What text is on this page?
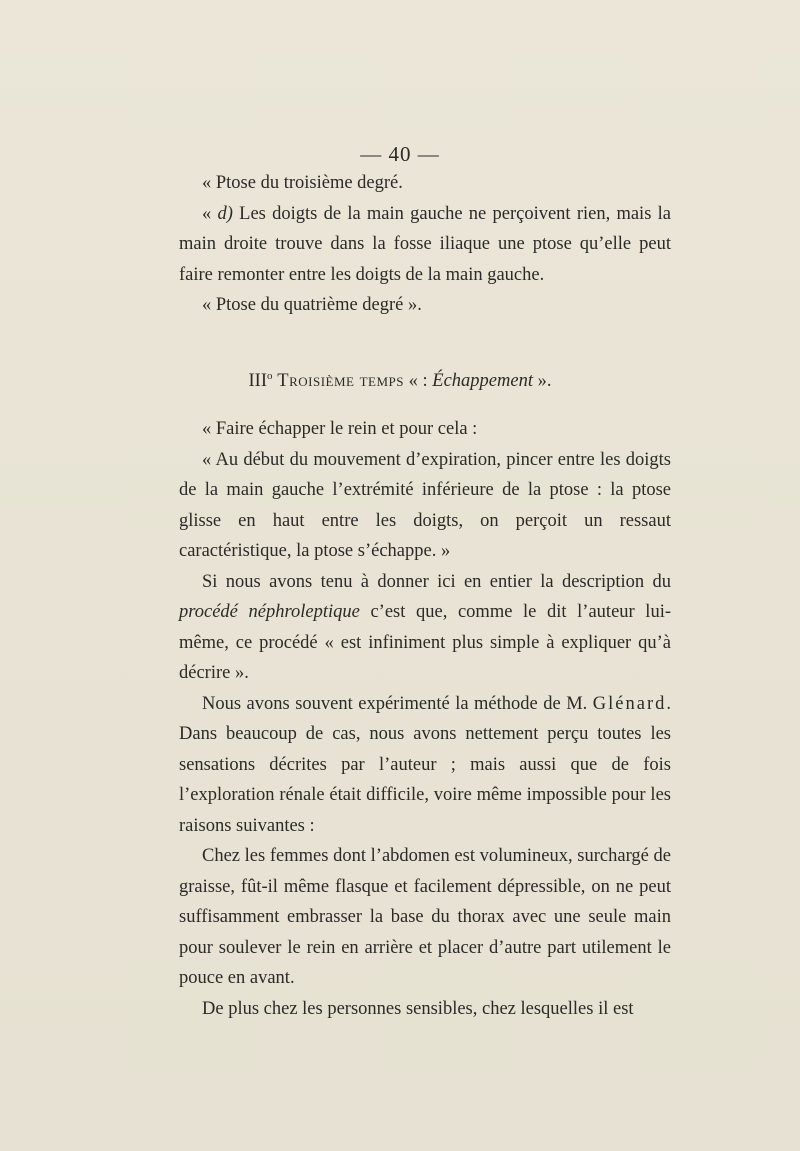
— 40 —

« Ptose du troisième degré.

« d) Les doigts de la main gauche ne perçoivent rien, mais la main droite trouve dans la fosse iliaque une ptose qu’elle peut faire remonter entre les doigts de la main gauche.

« Ptose du quatrième degré ».

III$^o$ Troisième temps « : Échappement ».

« Faire échapper le rein et pour cela :

« Au début du mouvement d’expiration, pincer entre les doigts de la main gauche l’extrémité inférieure de la ptose : la ptose glisse en haut entre les doigts, on perçoit un ressaut caractéristique, la ptose s’échappe. »

Si nous avons tenu à donner ici en entier la description du procédé néphroleptique c’est que, comme le dit l’auteur lui-même, ce procédé « est infiniment plus simple à expliquer qu’à décrire ».

Nous avons souvent expérimenté la méthode de M. Glénard. Dans beaucoup de cas, nous avons nettement perçu toutes les sensations décrites par l’auteur ; mais aussi que de fois l’exploration rénale était difficile, voire même impossible pour les raisons suivantes :

Chez les femmes dont l’abdomen est volumineux, surchargé de graisse, fût-il même flasque et facilement dépressible, on ne peut suffisamment embrasser la base du thorax avec une seule main pour soulever le rein en arrière et placer d’autre part utilement le pouce en avant.

De plus chez les personnes sensibles, chez lesquelles il est
